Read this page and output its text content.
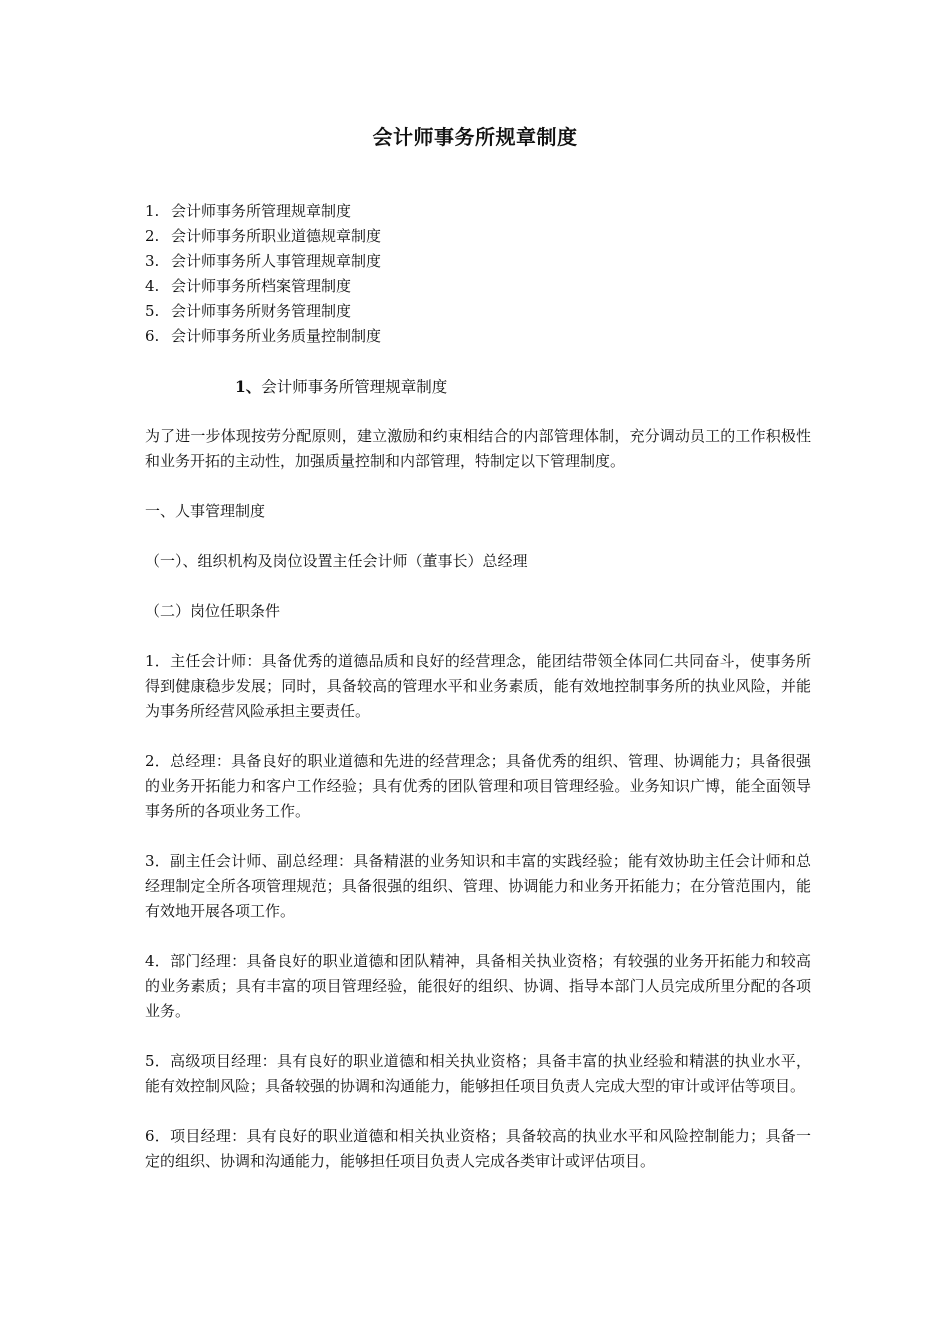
会计师事务所规章制度
1. 会计师事务所管理规章制度
2. 会计师事务所职业道德规章制度
3. 会计师事务所人事管理规章制度
4. 会计师事务所档案管理制度
5. 会计师事务所财务管理制度
6. 会计师事务所业务质量控制制度
1、会计师事务所管理规章制度

为了进一步体现按劳分配原则，建立激励和约束相结合的内部管理体制，充分调动员工的工作积极性和业务开拓的主动性，加强质量控制和内部管理，特制定以下管理制度。

一、人事管理制度

（一）、组织机构及岗位设置主任会计师（董事长）总经理

（二）岗位任职条件

1．主任会计师：具备优秀的道德品质和良好的经营理念，能团结带领全体同仁共同奋斗，使事务所得到健康稳步发展；同时，具备较高的管理水平和业务素质，能有效地控制事务所的执业风险，并能为事务所经营风险承担主要责任。

2．总经理：具备良好的职业道德和先进的经营理念；具备优秀的组织、管理、协调能力；具备很强的业务开拓能力和客户工作经验；具有优秀的团队管理和项目管理经验。业务知识广博，能全面领导事务所的各项业务工作。

3．副主任会计师、副总经理：具备精湛的业务知识和丰富的实践经验；能有效协助主任会计师和总经理制定全所各项管理规范；具备很强的组织、管理、协调能力和业务开拓能力；在分管范围内，能有效地开展各项工作。

4．部门经理：具备良好的职业道德和团队精神，具备相关执业资格；有较强的业务开拓能力和较高的业务素质；具有丰富的项目管理经验，能很好的组织、协调、指导本部门人员完成所里分配的各项业务。

5．高级项目经理：具有良好的职业道德和相关执业资格；具备丰富的执业经验和精湛的执业水平，能有效控制风险；具备较强的协调和沟通能力，能够担任项目负责人完成大型的审计或评估等项目。

6．项目经理：具有良好的职业道德和相关执业资格；具备较高的执业水平和风险控制能力；具备一定的组织、协调和沟通能力，能够担任项目负责人完成各类审计或评估项目。
